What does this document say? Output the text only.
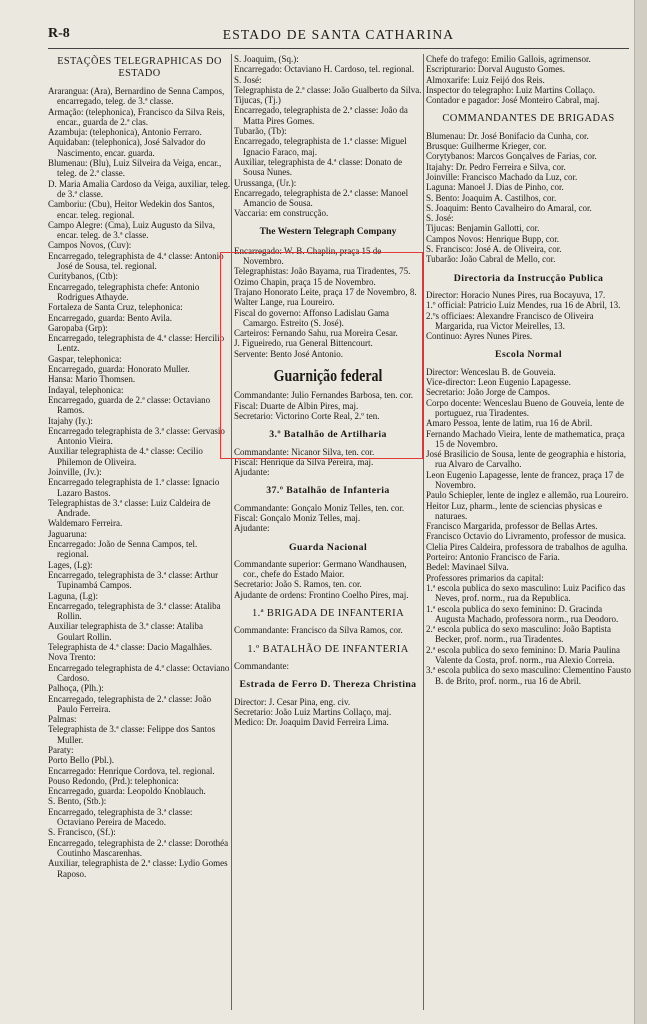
R-8	ESTADO DE SANTA CATHARINA
ESTAÇÕES TELEGRAPHICAS DO ESTADO

Ararangua: (Ara), Bernardino de Senna Campos, encarregado, teleg. de 3.ª classe.

Armação: (telephonica), Francisco da Silva Reis, encar., guarda de 2.ª clas.

Azambuja: (telephonica), Antonio Ferraro.

Aquidaban: (telephonica), José Salvador do Nascimento, encar. guarda.

Blumenau: (Blu), Luiz Silveira da Veiga, encar., teleg. de 2.ª classe.

D. Maria Amalia Cardoso da Veiga, auxiliar, teleg. de 3.ª classe.

Camboriu: (Cbu), Heitor Wedekin dos Santos, encar. teleg. regional.

Campo Alegre: (Cma), Luiz Augusto da Silva, encar. teleg. de 3.ª classe.

Campos Novos, (Cuv):

Encarregado, telegraphista de 4.ª classe: Antonio José de Sousa, tel. regional.

Curitybanos, (Ctb):

Encarregado, telegraphista chefe: Antonio Rodrigues Athayde.

Fortaleza de Santa Cruz, telephonica:

Encarregado, guarda: Bento Avila.

Garopaba (Grp):

Encarregado, telegraphista de 4.ª classe: Hercilio Lentz.

Gaspar, telephonica:

Encarregado, guarda: Honorato Muller.

Hansa: Mario Thomsen.

Indayal, telephonica:

Encarregado, guarda de 2.ª classe: Octaviano Ramos.

Itajahy (Iy.):

Encarregado telegraphista de 3.ª classe: Gervasio Antonio Vieira.

Auxiliar telegraphista de 4.ª classe: Cecilio Philemon de Oliveira.

Joinville, (Jv.):

Encarregado telegraphista de 1.ª classe: Ignacio Lazaro Bastos.

Telegraphistas de 3.ª classe: Luiz Caldeira de Andrade.

Waldemaro Ferreira.

Jaguaruna:

Encarregado: João de Senna Campos, tel. regional.

Lages, (Lg):

Encarregado, telegraphista de 3.ª classe: Arthur Tupinambá Campos.

Laguna, (Lg):

Encarregado, telegraphista de 3.ª classe: Ataliba Rollin.

Auxiliar telegraphista de 3.ª classe: Ataliba Goulart Rollin.

Telegraphista de 4.ª classe: Dacio Magalhães.

Nova Trento:

Encarregado telegraphista de 4.ª classe: Octaviano Cardoso.

Palhoça, (Plh.):

Encarregado, telegraphista de 2.ª classe: João Paulo Ferreira.

Palmas:

Telegraphista de 3.ª classe: Felippe dos Santos Muller.

Paraty:

Porto Bello (Pbl.).

Encarregado: Henrique Cordova, tel. regional.

Pouso Redondo, (Prd.): telephonica:

Encarregado, guarda: Leopoldo Knoblauch.

S. Bento, (Stb.):

Encarregado, telegraphista de 3.ª classe: Octaviano Pereira de Macedo.

S. Francisco, (Sf.):

Encarregado, telegraphista de 2.ª classe: Dorothéa Coutinho Mascarenhas.

Auxiliar, telegraphista de 2.ª classe: Lydio Gomes Raposo.

S. Joaquim, (Sq.):

Encarregado: Octaviano H. Cardoso, tel. regional.

S. José:

Telegraphista de 2.ª classe: João Gualberto da Silva.

Tijucas, (Tj.)

Encarregado, telegraphista de 2.ª classe: João da Matta Pires Gomes.

Tubarão, (Tb):

Encarregado, telegraphista de 1.ª classe: Miguel Ignacio Faraco, maj.

Auxiliar, telegraphista de 4.ª classe: Donato de Sousa Nunes.

Urussanga, (Ur.):

Encarregado, telegraphista de 2.ª classe: Manoel Amancio de Sousa.

Vaccaria: em construcção.

The Western Telegraph Company

Encarregado: W. B. Chaplin, praça 15 de Novembro.

Telegraphistas: João Bayama, rua Tiradentes, 75.

Ozimo Chapin, praça 15 de Novembro.

Trajano Honorato Leite, praça 17 de Novembro, 8.

Walter Lange, rua Loureiro.

Fiscal do governo: Affonso Ladislau Gama Camargo. Estreito (S. José).

Carteiros: Fernando Sahu, rua Moreira Cesar.

J. Figueiredo, rua General Bittencourt.

Servente: Bento José Antonio.

Guarnição federal

Commandante: Julio Fernandes Barbosa, ten. cor.

Fiscal: Duarte de Albin Pires, maj.

Secretario: Victorino Corte Real, 2.º ten.

3.º Batalhão de Artilharia

Commandante: Nicanor Silva, ten. cor.

Fiscal: Henrique da Silva Pereira, maj.

Ajudante:

37.º Batalhão de Infanteria

Commandante: Gonçalo Moniz Telles, ten. cor.

Fiscal: Gonçalo Moniz Telles, maj.

Ajudante:

Guarda Nacional

Commandante superior: Germano Wandhausen, cor., chefe do Estado Maior.

Secretario: João S. Ramos, ten. cor.

Ajudante de ordens: Frontino Coelho Pires, maj.

1.ª BRIGADA DE INFANTERIA

Commandante: Francisco da Silva Ramos, cor.

1.º BATALHÃO DE INFANTERIA

Commandante:

Estrada de Ferro D. Thereza Christina

Director: J. Cesar Pina, eng. civ.

Secretario: João Luiz Martins Collaço, maj.

Medico: Dr. Joaquim David Ferreira Lima.

Chefe do trafego: Emilio Gallois, agrimensor.

Escripturario: Dorval Augusto Gomes.

Almoxarife: Luiz Feijó dos Reis.

Inspector do telegrapho: Luiz Martins Collaço.

Contador e pagador: José Monteiro Cabral, maj.

COMMANDANTES DE BRIGADAS

Blumenau: Dr. José Bonifacio da Cunha, cor.

Brusque: Guilherme Krieger, cor.

Corytybanos: Marcos Gonçalves de Farias, cor.

Itajahy: Dr. Pedro Ferreira e Silva, cor.

Joinville: Francisco Machado da Luz, cor.

Laguna: Manoel J. Dias de Pinho, cor.

S. Bento: Joaquim A. Castilhos, cor.

S. Joaquim: Bento Cavalheiro do Amaral, cor.

S. José:

Tijucas: Benjamin Gallotti, cor.

Campos Novos: Henrique Bupp, cor.

S. Francisco: José A. de Oliveira, cor.

Tubarão: João Cabral de Mello, cor.

Directoria da Instrucção Publica

Director: Horacio Nunes Pires, rua Bocayuva, 17.

1.º official: Patricio Luiz Mendes, rua 16 de Abril, 13.

2.ºs officiaes: Alexandre Francisco de Oliveira Margarida, rua Victor Meirelles, 13.

Continuo: Ayres Nunes Pires.

Escola Normal

Director: Wenceslau B. de Gouveia.

Vice-director: Leon Eugenio Lapagesse.

Secretario: João Jorge de Campos.

Corpo docente: Wenceslau Bueno de Gouveia, lente de portuguez, rua Tiradentes.

Amaro Pessoa, lente de latim, rua 16 de Abril.

Fernando Machado Vieira, lente de mathematica, praça 15 de Novembro.

José Brasilicio de Sousa, lente de geographia e historia, rua Alvaro de Carvalho.

Leon Eugenio Lapagesse, lente de francez, praça 17 de Novembro.

Paulo Schiepler, lente de inglez e allemão, rua Loureiro.

Heitor Luz, pharm., lente de sciencias physicas e naturaes.

Francisco Margarida, professor de Bellas Artes.

Francisco Octavio do Livramento, professor de musica.

Clelia Pires Caldeira, professora de trabalhos de agulha.

Porteiro: Antonio Francisco de Faria.

Bedel: Mavinael Silva.

Professores primarios da capital:

1.ª escola publica do sexo masculino: Luiz Pacifico das Neves, prof. norm., rua da Republica.

1.ª escola publica do sexo feminino: D. Gracinda Augusta Machado, professora norm., rua Deodoro.

2.ª escola publica do sexo masculino: João Baptista Becker, prof. norm., rua Tiradentes.

2.ª escola publica do sexo feminino: D. Maria Paulina Valente da Costa, prof. norm., rua Alexio Correia.

3.ª escola publica do sexo masculino: Clementino Fausto B. de Brito, prof. norm., rua 16 de Abril.
